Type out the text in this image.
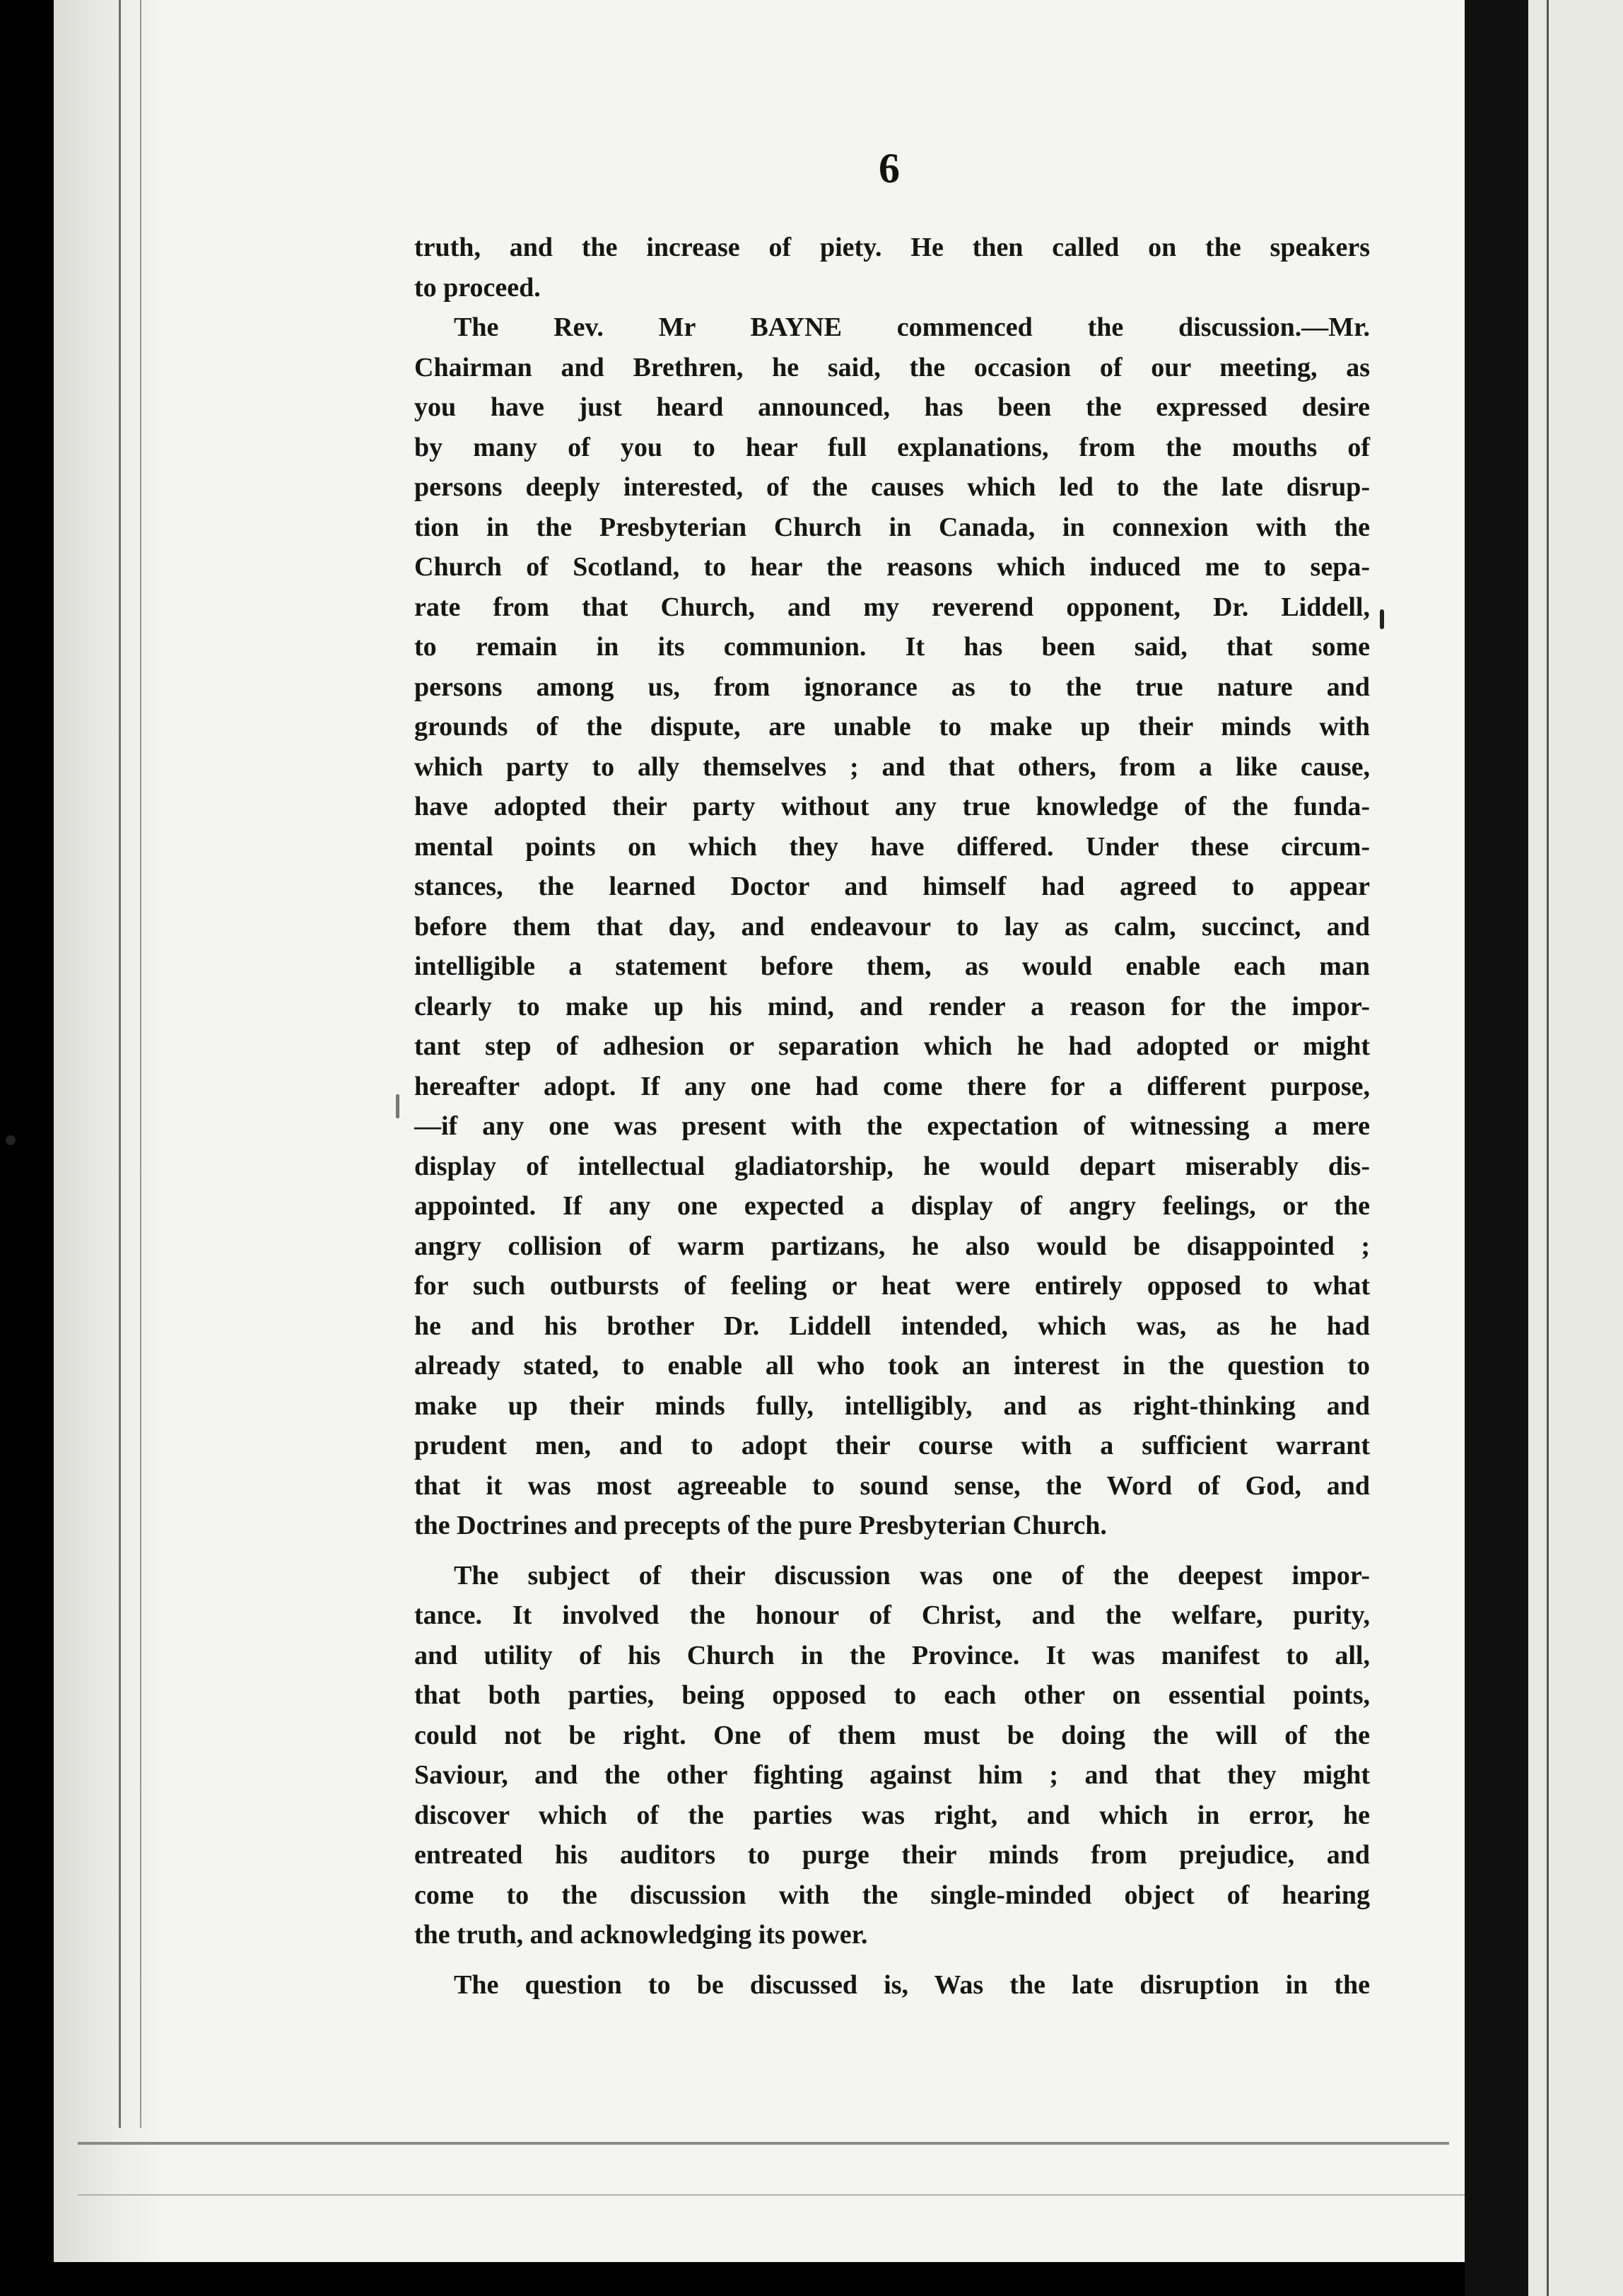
6
truth, and the increase of piety. He then called on the speakers
to proceed.
The Rev. Mr BAYNE commenced the discussion.—Mr.
Chairman and Brethren, he said, the occasion of our meeting, as
you have just heard announced, has been the expressed desire
by many of you to hear full explanations, from the mouths of
persons deeply interested, of the causes which led to the late disrup-
tion in the Presbyterian Church in Canada, in connexion with the
Church of Scotland, to hear the reasons which induced me to sepa-
rate from that Church, and my reverend opponent, Dr. Liddell,
to remain in its communion. It has been said, that some
persons among us, from ignorance as to the true nature and
grounds of the dispute, are unable to make up their minds with
which party to ally themselves ; and that others, from a like cause,
have adopted their party without any true knowledge of the funda-
mental points on which they have differed. Under these circum-
stances, the learned Doctor and himself had agreed to appear
before them that day, and endeavour to lay as calm, succinct, and
intelligible a statement before them, as would enable each man
clearly to make up his mind, and render a reason for the impor-
tant step of adhesion or separation which he had adopted or might
hereafter adopt. If any one had come there for a different purpose,
—if any one was present with the expectation of witnessing a mere
display of intellectual gladiatorship, he would depart miserably dis-
appointed. If any one expected a display of angry feelings, or the
angry collision of warm partizans, he also would be disappointed ;
for such outbursts of feeling or heat were entirely opposed to what
he and his brother Dr. Liddell intended, which was, as he had
already stated, to enable all who took an interest in the question to
make up their minds fully, intelligibly, and as right-thinking and
prudent men, and to adopt their course with a sufficient warrant
that it was most agreeable to sound sense, the Word of God, and
the Doctrines and precepts of the pure Presbyterian Church.
The subject of their discussion was one of the deepest impor-
tance. It involved the honour of Christ, and the welfare, purity,
and utility of his Church in the Province. It was manifest to all,
that both parties, being opposed to each other on essential points,
could not be right. One of them must be doing the will of the
Saviour, and the other fighting against him ; and that they might
discover which of the parties was right, and which in error, he
entreated his auditors to purge their minds from prejudice, and
come to the discussion with the single-minded object of hearing
the truth, and acknowledging its power.
The question to be discussed is, Was the late disruption in the
